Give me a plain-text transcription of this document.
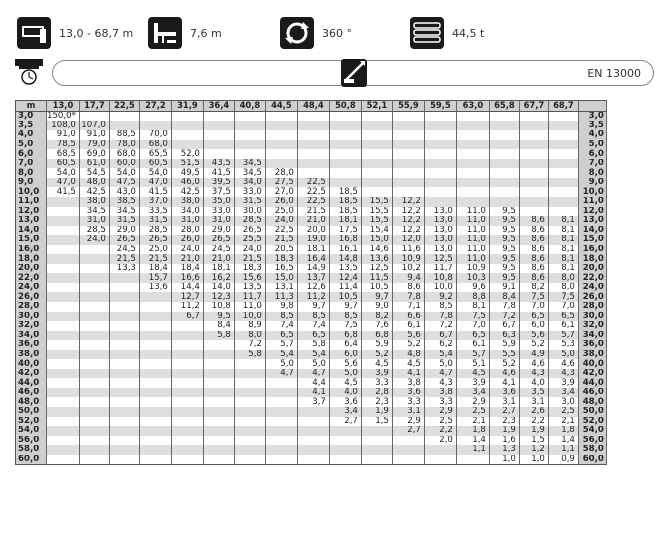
13,0 - 68,7 m	7,6 m	360 °	44,5 t
EN 13000
m	13,0	17,7	22,5	27,2	31,9	36,4	40,8	44,5	48,4	50,8	52,1	55,9	59,5	63,0	65,8	67,7	68,7	
3,0	150,0*																	3,0
3,5	108,0	107,0																3,5
4,0	91,0	91,0	88,5	70,0														4,0
5,0	78,5	79,0	78,0	68,0														5,0
6,0	68,5	69,0	68,0	65,5	52,0													6,0
7,0	60,5	61,0	60,0	60,5	51,5	43,5	34,5											7,0
8,0	54,0	54,5	54,0	54,0	49,5	41,5	34,5	28,0										8,0
9,0	47,0	48,0	47,5	47,0	46,0	39,5	34,0	27,5	22,5									9,0
10,0	41,5	42,5	43,0	41,5	42,5	37,5	33,0	27,0	22,5	18,5								10,0
11,0		38,0	38,5	37,0	38,0	35,0	31,5	26,0	22,5	18,5	15,5	12,2						11,0
12,0		34,5	34,5	33,5	34,0	33,0	30,0	25,0	21,5	18,5	15,5	12,2	13,0	11,0	9,5			12,0
13,0		31,0	31,5	31,5	31,0	31,0	28,5	24,0	21,0	18,1	15,5	12,2	13,0	11,0	9,5	8,6	8,1	13,0
14,0		28,5	29,0	28,5	28,0	29,0	26,5	22,5	20,0	17,5	15,4	12,2	13,0	11,0	9,5	8,6	8,1	14,0
15,0		24,0	26,5	26,5	26,0	26,5	25,5	21,5	19,0	16,8	15,0	12,0	13,0	11,0	9,5	8,6	8,1	15,0
16,0			24,5	25,0	24,0	24,5	24,0	20,5	18,1	16,1	14,6	11,6	13,0	11,0	9,5	8,6	8,1	16,0
18,0			21,5	21,5	21,0	21,0	21,5	18,3	16,4	14,8	13,6	10,9	12,5	11,0	9,5	8,6	8,1	18,0
20,0			13,3	18,4	18,4	18,1	18,3	16,5	14,9	13,5	12,5	10,2	11,7	10,9	9,5	8,6	8,1	20,0
22,0				15,7	16,6	16,2	15,6	15,0	13,7	12,4	11,5	9,4	10,8	10,3	9,5	8,6	8,0	22,0
24,0				13,6	14,4	14,0	13,5	13,1	12,6	11,4	10,5	8,6	10,0	9,6	9,1	8,2	8,0	24,0
26,0					12,7	12,3	11,7	11,3	11,2	10,5	9,7	7,8	9,2	8,8	8,4	7,5	7,5	26,0
28,0					11,2	10,8	11,0	9,8	9,7	9,7	9,0	7,1	8,5	8,1	7,8	7,0	7,0	28,0
30,0					6,7	9,5	10,0	8,5	8,5	8,5	8,2	6,6	7,8	7,5	7,2	6,5	6,5	30,0
32,0						8,4	8,9	7,4	7,4	7,5	7,6	6,1	7,2	7,0	6,7	6,0	6,1	32,0
34,0						5,8	8,0	6,5	6,5	6,8	6,8	5,6	6,7	6,5	6,3	5,6	5,7	34,0
36,0							7,2	5,7	5,8	6,4	5,9	5,2	6,2	6,1	5,9	5,2	5,3	36,0
38,0							5,8	5,4	5,4	6,0	5,2	4,8	5,4	5,7	5,5	4,9	5,0	38,0
40,0								5,0	5,0	5,6	4,5	4,5	5,0	5,1	5,2	4,6	4,6	40,0
42,0								4,7	4,7	5,0	3,9	4,1	4,7	4,5	4,6	4,3	4,3	42,0
44,0									4,4	4,5	3,3	3,8	4,3	3,9	4,1	4,0	3,9	44,0
46,0									4,1	4,0	2,8	3,6	3,8	3,4	3,6	3,5	3,4	46,0
48,0									3,7	3,6	2,3	3,3	3,3	2,9	3,1	3,1	3,0	48,0
50,0										3,4	1,9	3,1	2,9	2,5	2,7	2,6	2,5	50,0
52,0										2,7	1,5	2,9	2,5	2,1	2,3	2,2	2,1	52,0
54,0												2,7	2,2	1,8	1,9	1,9	1,8	54,0
56,0													2,0	1,4	1,6	1,5	1,4	56,0
58,0														1,1	1,3	1,2	1,1	58,0
60,0															1,0	1,0	0,9	60,0
